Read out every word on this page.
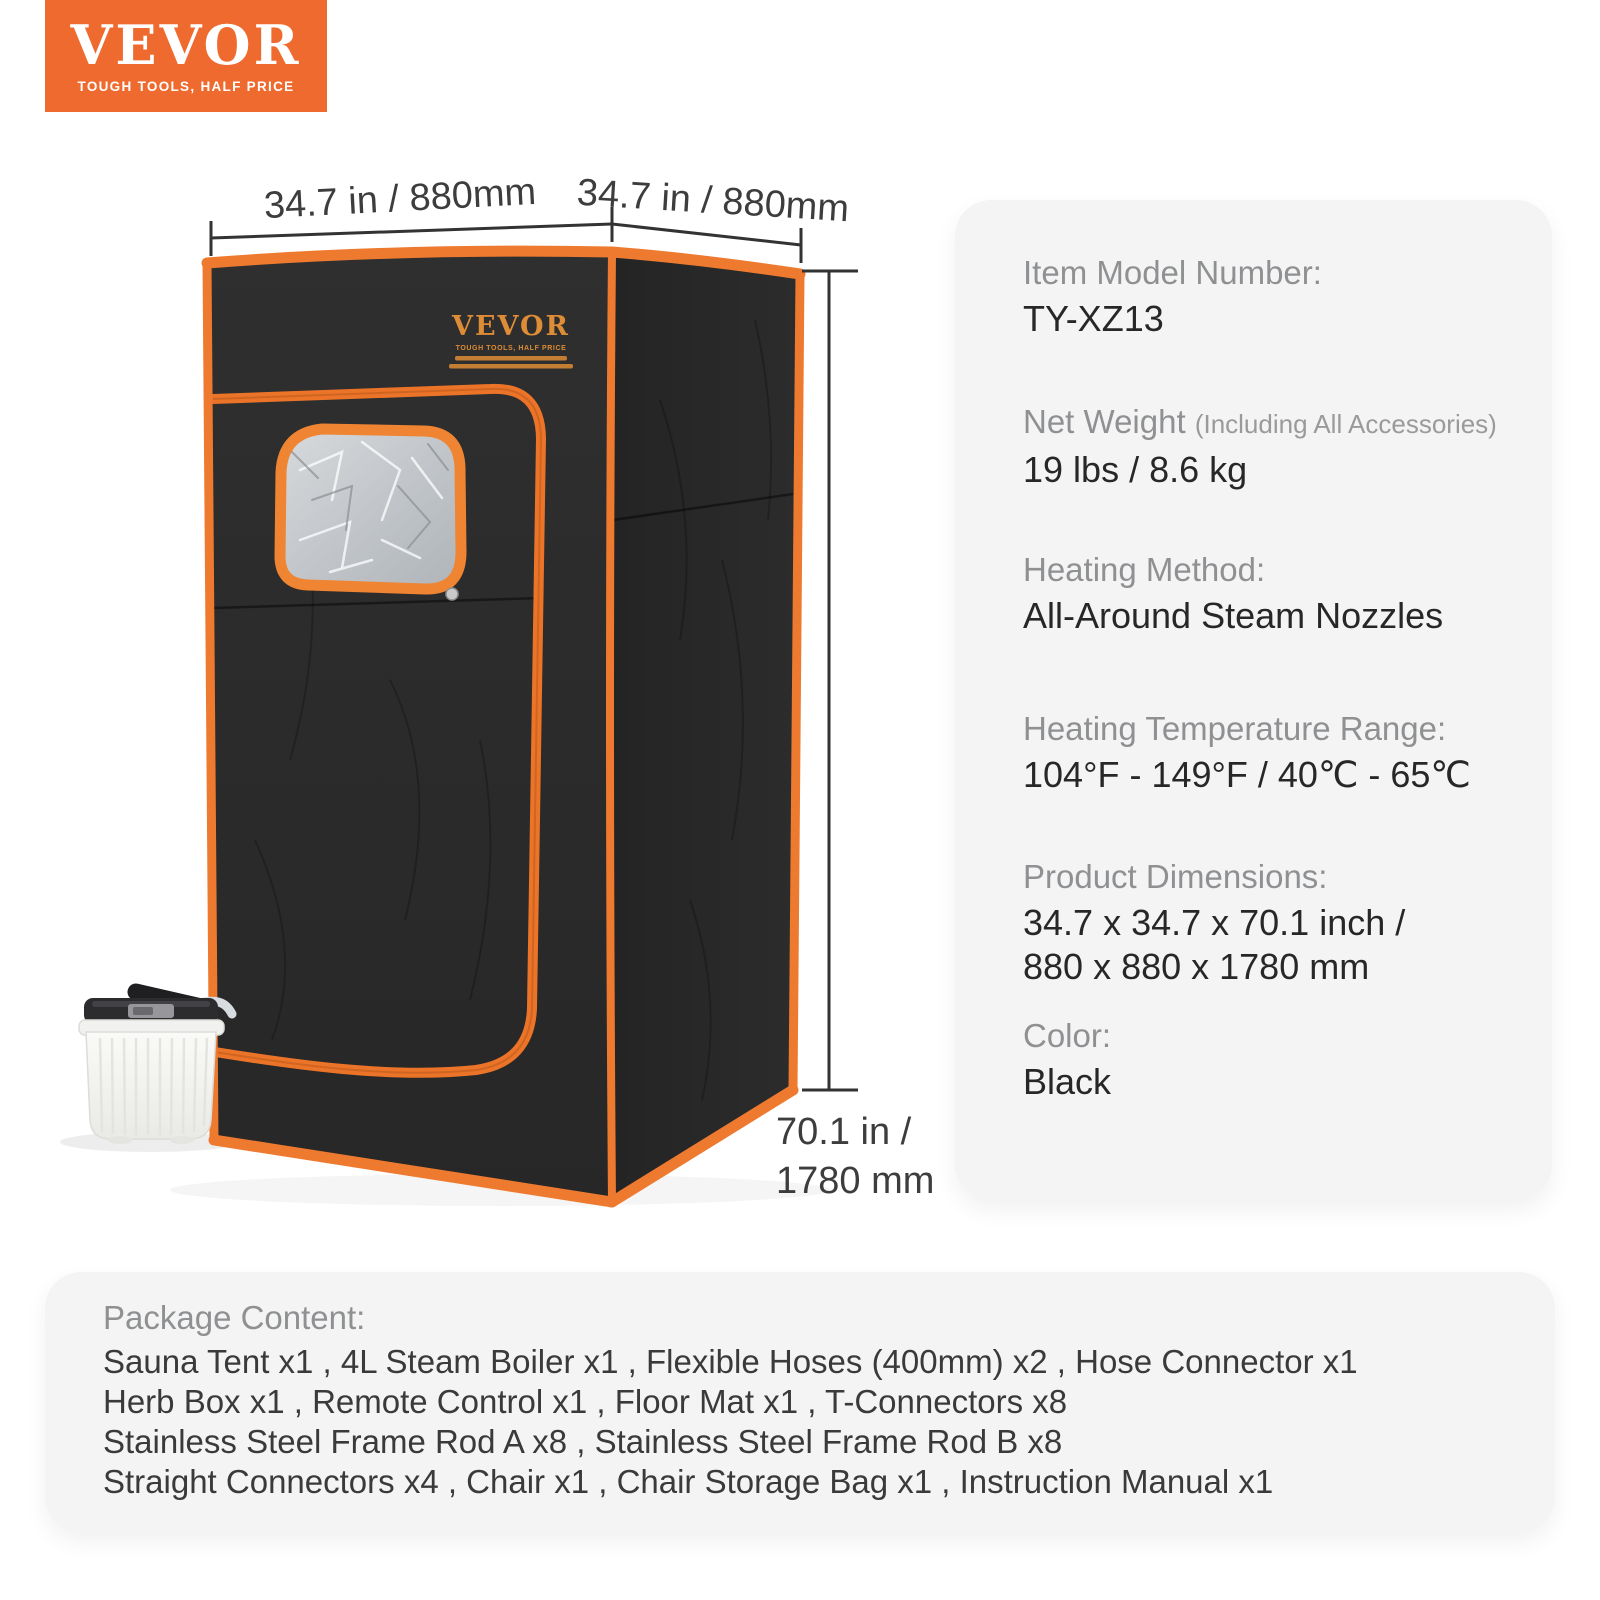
VEVOR
TOUGH TOOLS, HALF PRICE
VEVOR
TOUGH TOOLS, HALF PRICE
34.7 in / 880mm	34.7 in / 880mm
70.1 in /
1780 mm
Item Model Number:
TY-XZ13
Net Weight (Including All Accessories)
19 lbs / 8.6 kg
Heating Method:
All-Around Steam Nozzles
Heating Temperature Range:
104°F - 149°F / 40℃ - 65℃
Product Dimensions:
34.7 x 34.7 x 70.1 inch /
880 x 880 x 1780 mm
Color:
Black
Package Content:
Sauna Tent x1 , 4L Steam Boiler x1 , Flexible Hoses (400mm) x2 , Hose Connector x1
Herb Box x1 , Remote Control x1 , Floor Mat x1 , T-Connectors x8
Stainless Steel Frame Rod A x8 , Stainless Steel Frame Rod B x8
Straight Connectors x4 , Chair x1 , Chair Storage Bag x1 , Instruction Manual x1
